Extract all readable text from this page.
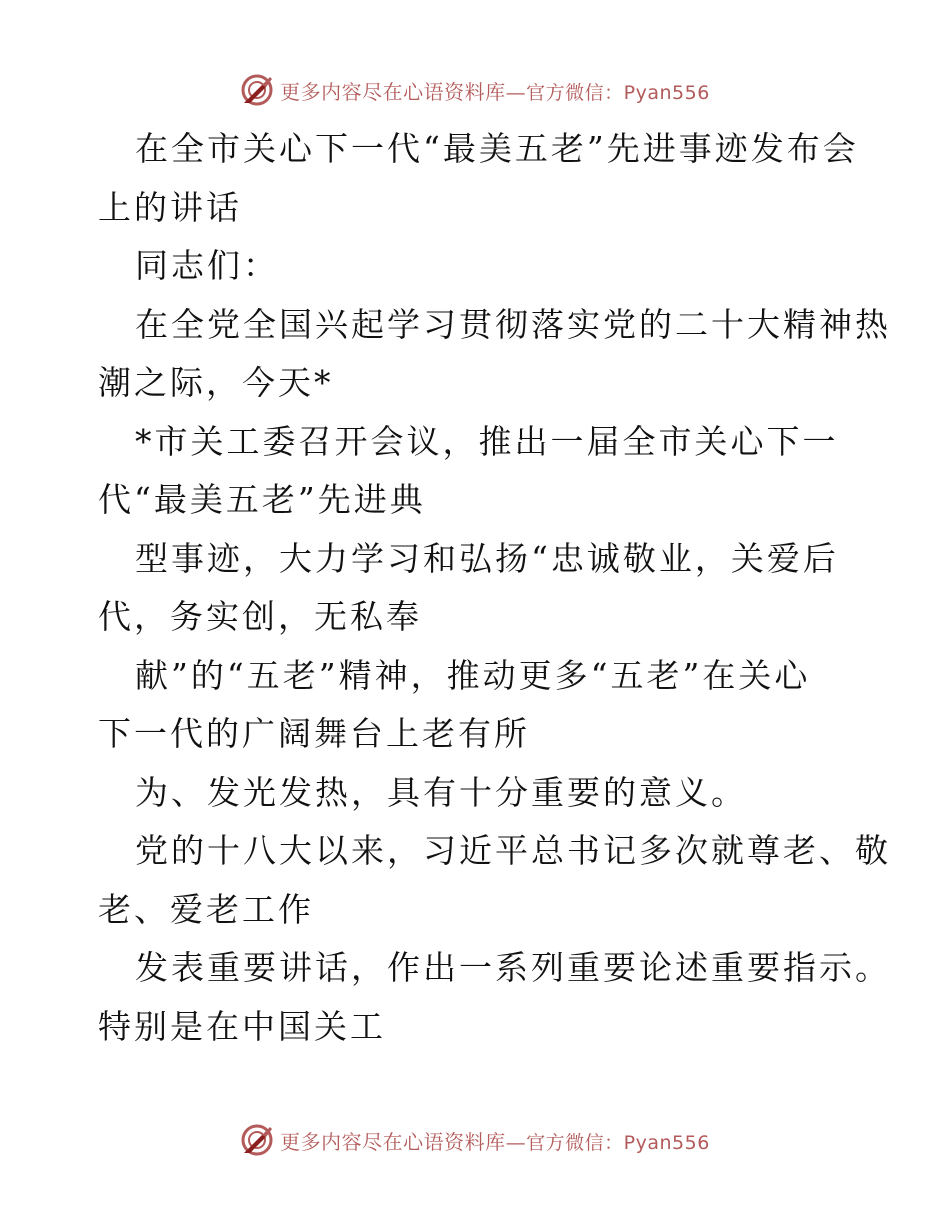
更多内容尽在心语资料库—官方微信：Pyan556
在全市关心下一代“最美五老”先进事迹发布会
上的讲话
同志们：
在全党全国兴起学习贯彻落实党的二十大精神热
潮之际，今天*
*市关工委召开会议，推出一届全市关心下一
代“最美五老”先进典
型事迹，大力学习和弘扬“忠诚敬业，关爱后
代，务实创，无私奉
献”的“五老”精神，推动更多“五老”在关心
下一代的广阔舞台上老有所
为、发光发热，具有十分重要的意义。
党的十八大以来，习近平总书记多次就尊老、敬
老、爱老工作
发表重要讲话，作出一系列重要论述重要指示。
特别是在中国关工
更多内容尽在心语资料库—官方微信：Pyan556
